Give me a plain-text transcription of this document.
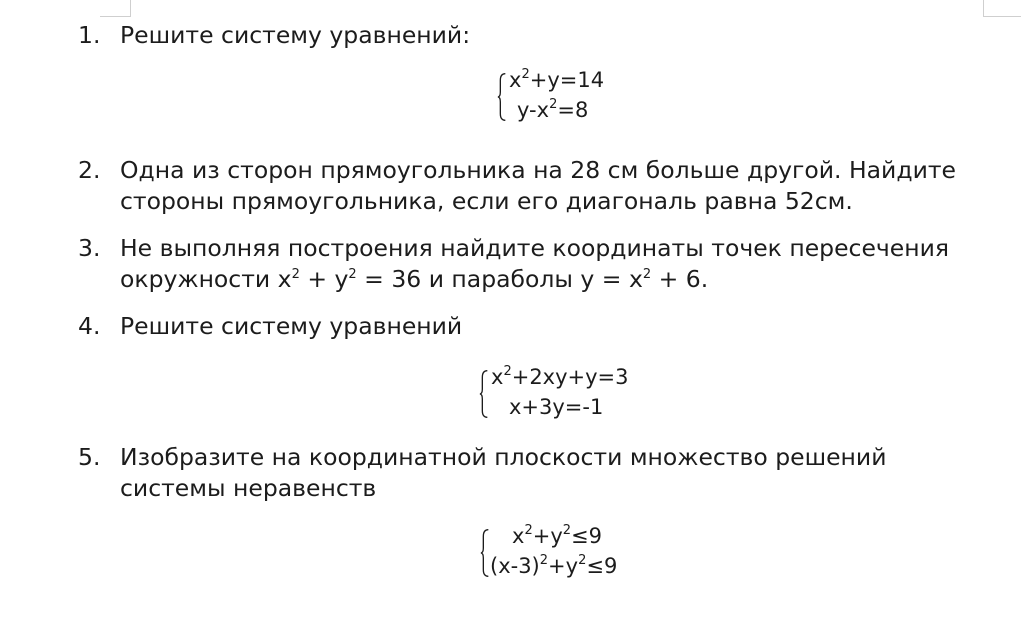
1. Решите систему уравнений:
$x^2+y=14$
$y-x^2=8$
2. Одна из сторон прямоугольника на 28 см больше другой. Найдите
стороны прямоугольника, если его диагональ равна 52см.
3. Не выполняя построения найдите координаты точек пересечения
окружности $x^2 + y^2 = 36$ и параболы $y = x^2 + 6$.
4. Решите систему уравнений
$x^2+2xy+y=3$
x+3y=-1
5. Изобразите на координатной плоскости множество решений
системы неравенств
$x^2+y^2\le 9$
$(x-3)^2+y^2\le 9$
